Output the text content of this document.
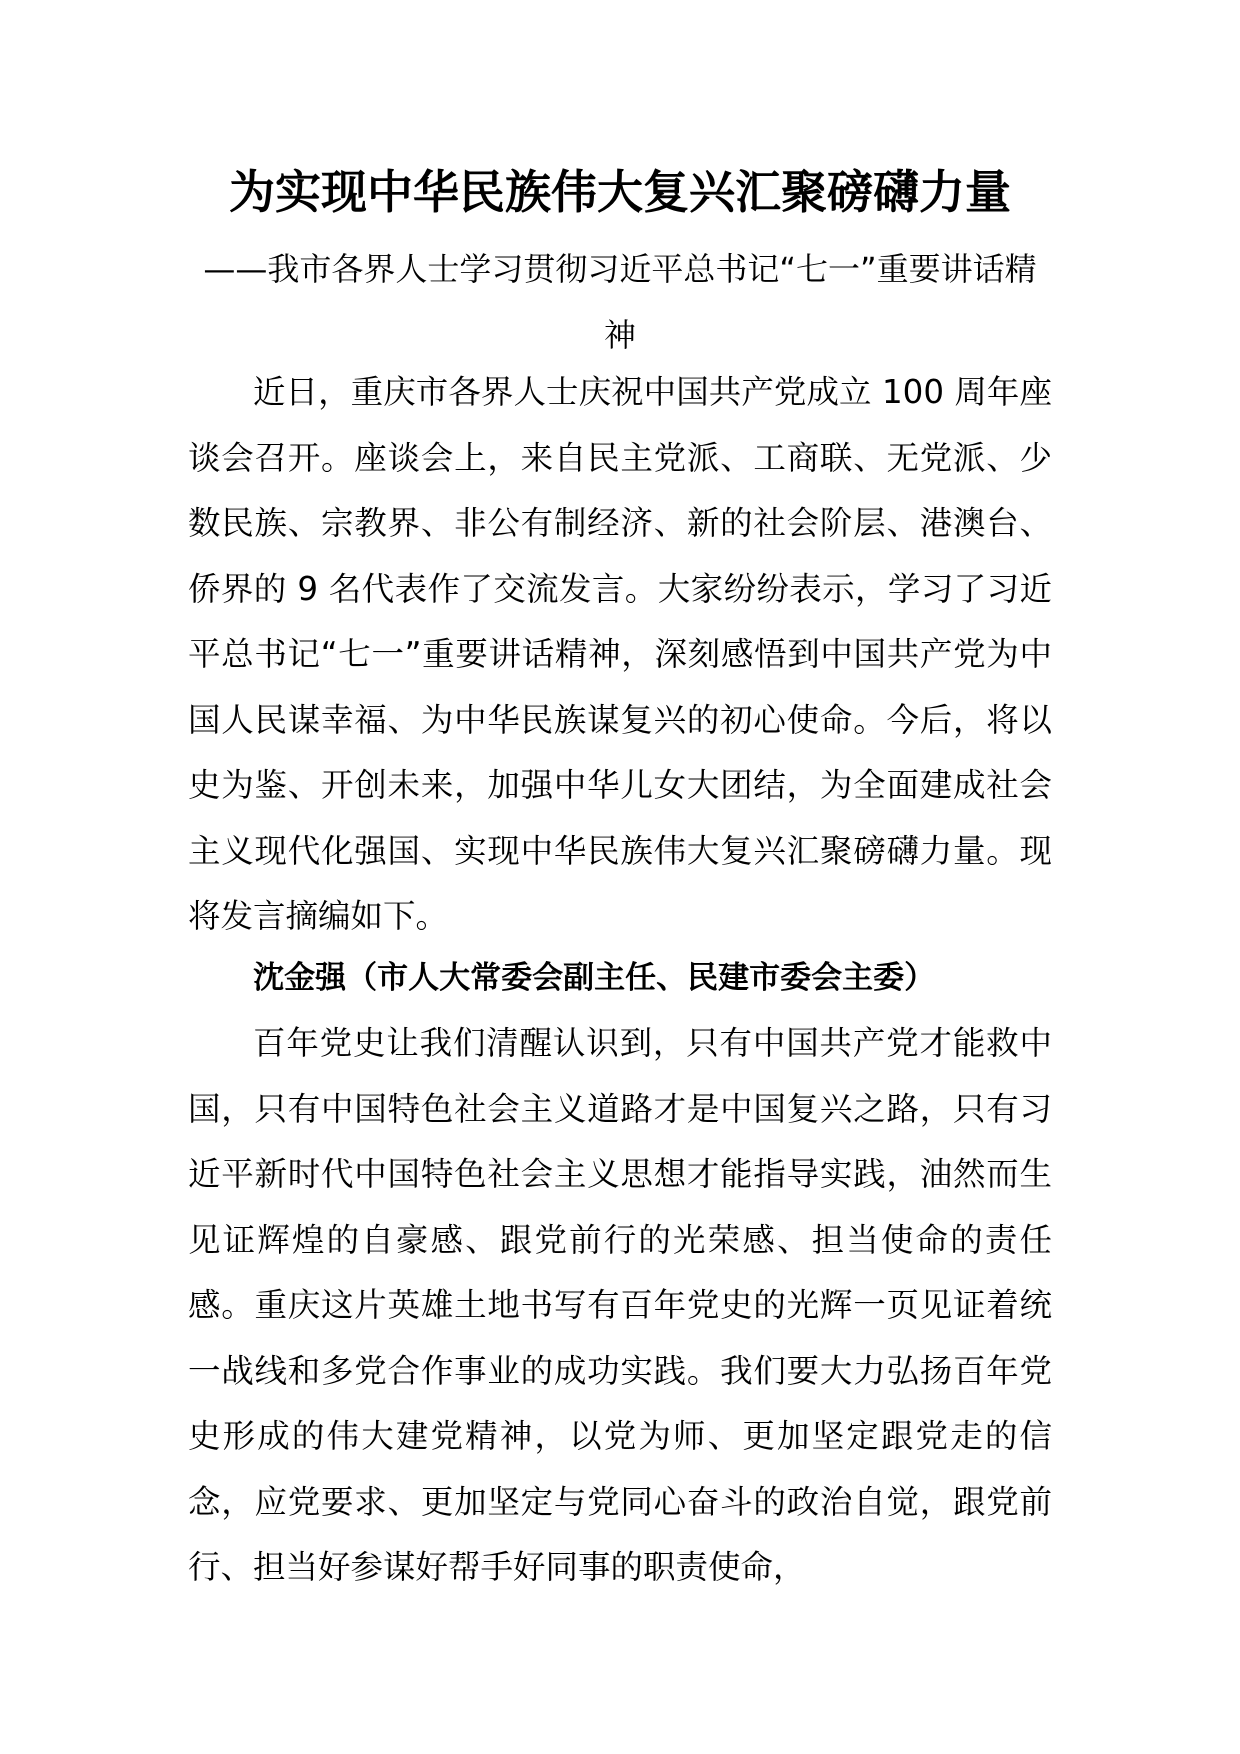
为实现中华民族伟大复兴汇聚磅礴力量
——我市各界人士学习贯彻习近平总书记“七一”重要讲话精神
近日，重庆市各界人士庆祝中国共产党成立 100 周年座谈会召开。座谈会上，来自民主党派、工商联、无党派、少数民族、宗教界、非公有制经济、新的社会阶层、港澳台、侨界的 9 名代表作了交流发言。大家纷纷表示，学习了习近平总书记“七一”重要讲话精神，深刻感悟到中国共产党为中国人民谋幸福、为中华民族谋复兴的初心使命。今后，将以史为鉴、开创未来，加强中华儿女大团结，为全面建成社会主义现代化强国、实现中华民族伟大复兴汇聚磅礴力量。现将发言摘编如下。
沈金强（市人大常委会副主任、民建市委会主委）
百年党史让我们清醒认识到，只有中国共产党才能救中国，只有中国特色社会主义道路才是中国复兴之路，只有习近平新时代中国特色社会主义思想才能指导实践，油然而生见证辉煌的自豪感、跟党前行的光荣感、担当使命的责任感。重庆这片英雄土地书写有百年党史的光辉一页见证着统一战线和多党合作事业的成功实践。我们要大力弘扬百年党史形成的伟大建党精神，以党为师、更加坚定跟党走的信念，应党要求、更加坚定与党同心奋斗的政治自觉，跟党前行、担当好参谋好帮手好同事的职责使命，
